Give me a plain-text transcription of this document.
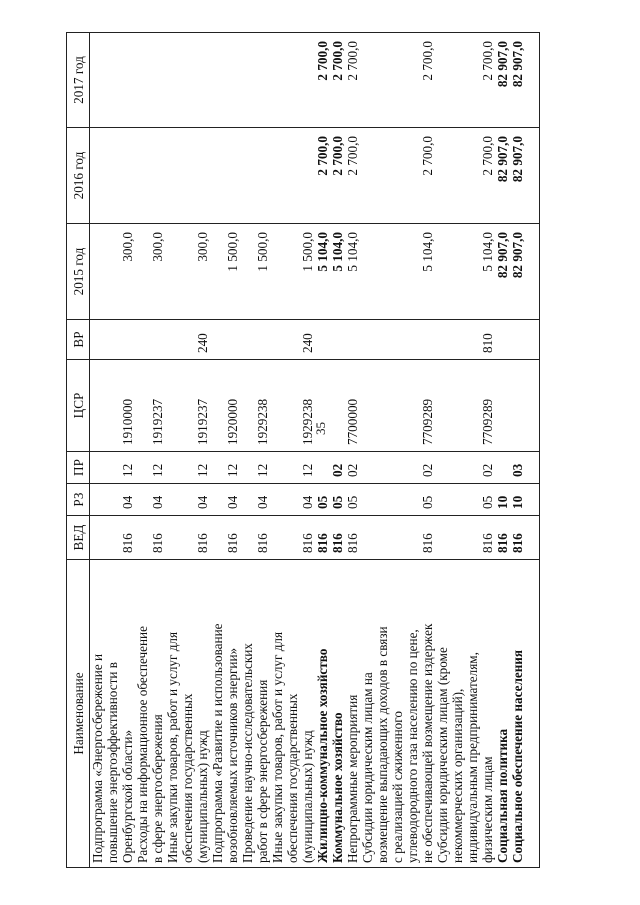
35
Наименование	ВЕД	РЗ	ПР	ЦСР	ВР	2015 год	2016 год	2017 год

Подпрограмма «Энергосбережение и повышение энергоэффективности в Оренбургской области»	816	04	12	1910000		300,0		

Расходы на информационное обеспечение в сфере энергосбережения	816	04	12	1919237		300,0		

Иные закупки товаров, работ и услуг для обеспечения государственных (муниципальных) нужд	816	04	12	1919237	240	300,0		

Подпрограмма «Развитие и использование возобновляемых источников энергии»	816	04	12	1920000		1 500,0		

Проведение научно-исследовательских работ в сфере энергосбережения	816	04	12	1929238		1 500,0		

Иные закупки товаров, работ и услуг для обеспечения государственных (муниципальных) нужд	816	04	12	1929238	240	1 500,0		

Жилищно-коммунальное хозяйство	816	05				5 104,0	2 700,0	2 700,0

Коммунальное хозяйство	816	05	02			5 104,0	2 700,0	2 700,0

Непрограммные мероприятия	816	05	02	7700000		5 104,0	2 700,0	2 700,0

Субсидии юридическим лицам на возмещение выпадающих доходов в связи с реализацией сжиженного углеводородного газа населению по цене, не обеспечивающей возмещение издержек	816	05	02	7709289		5 104,0	2 700,0	2 700,0

Субсидии юридическим лицам (кроме некоммерческих организаций), индивидуальным предпринимателям, физическим лицам	816	05	02	7709289	810	5 104,0	2 700,0	2 700,0

Социальная политика	816	10				82 907,0	82 907,0	82 907,0

Социальное обеспечение населения	816	10	03			82 907,0	82 907,0	82 907,0
